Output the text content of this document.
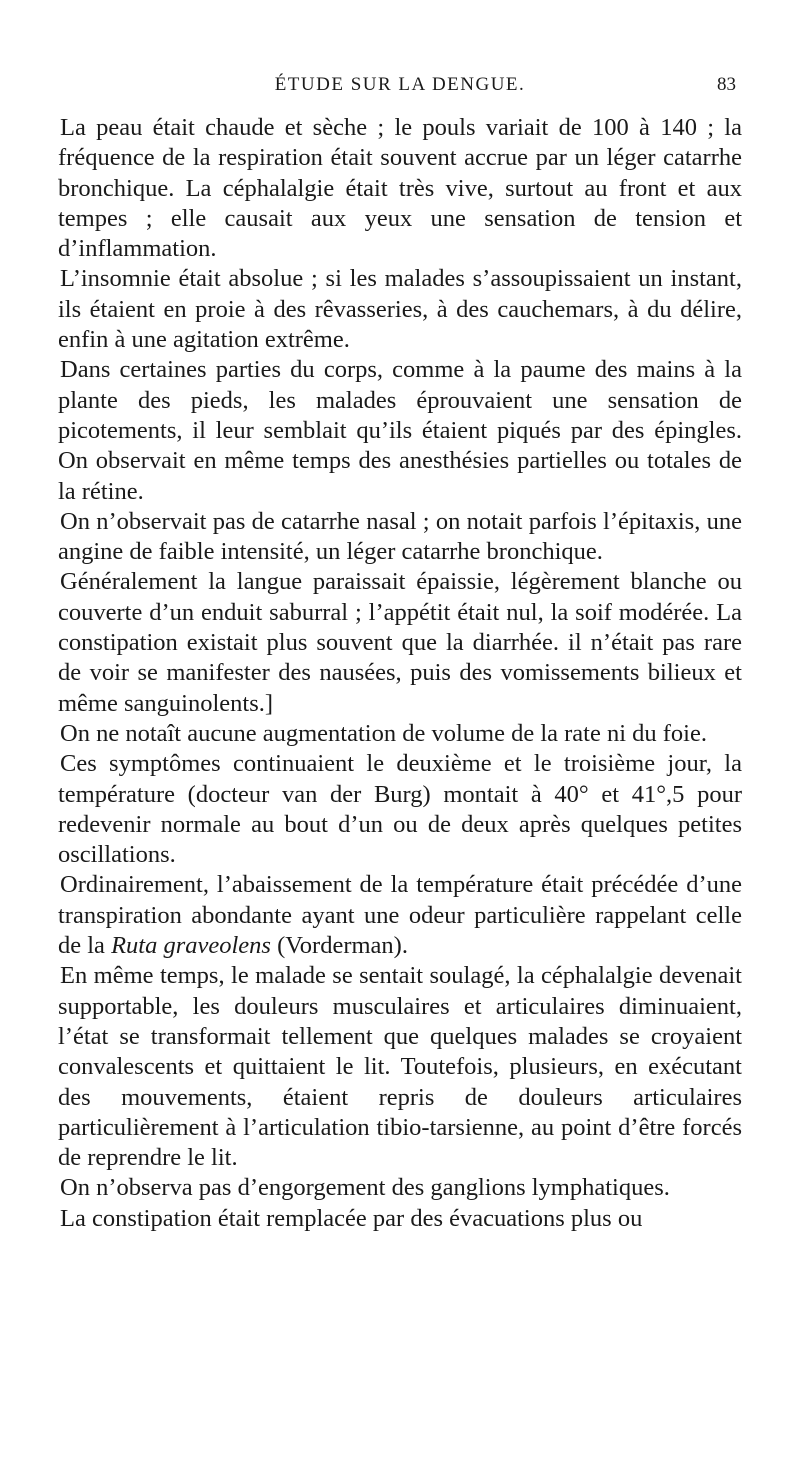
ÉTUDE SUR LA DENGUE.	83

La peau était chaude et sèche ; le pouls variait de 100 à 140 ; la fréquence de la respiration était souvent accrue par un léger catarrhe bronchique. La céphalalgie était très vive, surtout au front et aux tempes ; elle causait aux yeux une sensation de tension et d’inflammation.

L’insomnie était absolue ; si les malades s’assoupissaient un instant, ils étaient en proie à des rêvasseries, à des cauchemars, à du délire, enfin à une agitation extrême.

Dans certaines parties du corps, comme à la paume des mains à la plante des pieds, les malades éprouvaient une sensation de picotements, il leur semblait qu’ils étaient piqués par des épingles. On observait en même temps des anesthésies partielles ou totales de la rétine.

On n’observait pas de catarrhe nasal ; on notait parfois l’épitaxis, une angine de faible intensité, un léger catarrhe bronchique.

Généralement la langue paraissait épaissie, légèrement blanche ou couverte d’un enduit saburral ; l’appétit était nul, la soif modérée. La constipation existait plus souvent que la diarrhée. il n’était pas rare de voir se manifester des nausées, puis des vomissements bilieux et même sanguinolents.]

On ne notaît aucune augmentation de volume de la rate ni du foie.

Ces symptômes continuaient le deuxième et le troisième jour, la température (docteur van der Burg) montait à 40° et 41°,5 pour redevenir normale au bout d’un ou de deux après quelques petites oscillations.

Ordinairement, l’abaissement de la température était précédée d’une transpiration abondante ayant une odeur particulière rappelant celle de la Ruta graveolens (Vorderman).

En même temps, le malade se sentait soulagé, la céphalalgie devenait supportable, les douleurs musculaires et articulaires diminuaient, l’état se transformait tellement que quelques malades se croyaient convalescents et quittaient le lit. Toutefois, plusieurs, en exécutant des mouvements, étaient repris de douleurs articulaires particulièrement à l’articulation tibio-tarsienne, au point d’être forcés de reprendre le lit.

On n’observa pas d’engorgement des ganglions lymphatiques.

La constipation était remplacée par des évacuations plus ou
